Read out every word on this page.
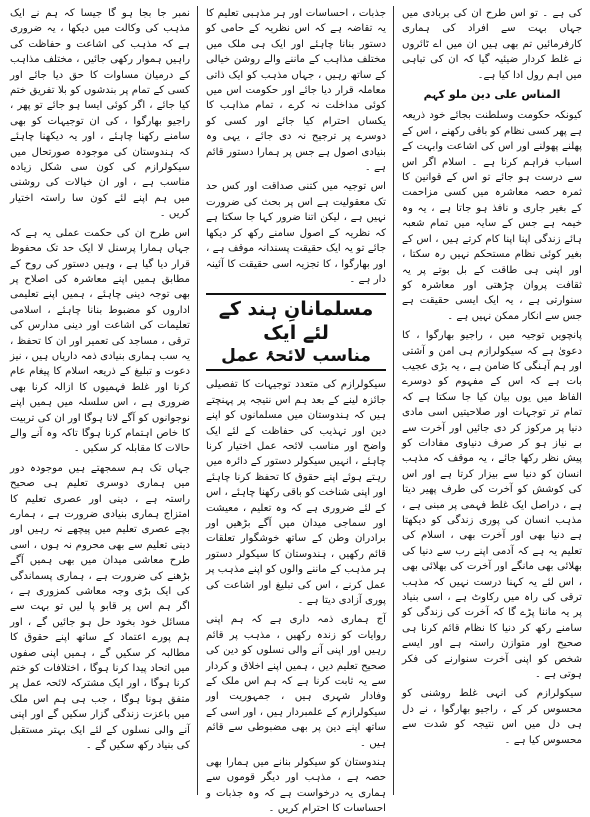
کی ہے ۔ تو اس طرح ان کی بربادی میں جہاں بہت سے افراد کی ہماری کارفرمائیں تم بھی ہیں ان میں اے ٹائروں نے غلط کردار ضیئیہ گیا کہ ان کی تباہی میں اہم رول ادا کیا ہے۔

المناس علی دین ملو کہم

کیونکہ حکومت وسلطنت بجائے خود ذریعہ ہے پھر کسی نظام کو باقی رکھنے ، اس کے پھلنے پھولنے اور اس کی اشاعت وابہت کے اسباب فراہم کرنا ہے ۔ اسلام اگر اس سے درست ہو جائے تو اس کے قوانین کا ثمرہ حصہ معاشرہ میں کسی مزاحمت کے بغیر جاری و نافذ ہو جاتا ہے ، یہ وہ خیمہ ہے جس کے سایہ میں تمام شعبہ ہائے زندگی اپنا اپنا کام کرتے ہیں ، اس کے بغیر کوئی نظام مستحکم نہیں رہ سکتا ، اور اپنی ہی طاقت کے بل بوتے پر یہ ثقافت پروان چڑھتی اور معاشرہ کو سنوارتی ہے ، یہ ایک ایسی حقیقت ہے جس سے انکار ممکن نہیں ہے ۔

پانچویں توجیہ میں ، راجیو بھارگوا ، کا دعویٰ ہے کہ سیکولرازم ہی امن و آشتی اور ہم آہنگی کا ضامن ہے ، یہ بڑی عجیب بات ہے کہ اس کے مفہوم کو دوسرے الفاظ میں یوں بیان کیا جا سکتا ہے کہ تمام تر توجہات اور صلاحیتیں اسی مادی دنیا پر مرکوز کر دی جائیں اور آخرت سے بے نیاز ہو کر صرف دنیاوی مفادات کو پیش نظر رکھا جائے ، یہ موقف کہ مذہب انسان کو دنیا سے بیزار کرتا ہے اور اس کی کوشش کو آخرت کی طرف پھیر دیتا ہے ، دراصل ایک غلط فہمی پر مبنی ہے ، مذہب انسان کی پوری زندگی کو دیکھتا ہے دنیا بھی اور آخرت بھی ، اسلام کی تعلیم یہ ہے کہ آدمی اپنے رب سے دنیا کی بھلائی بھی مانگے اور آخرت کی بھلائی بھی ، اس لئے یہ کہنا درست نہیں کہ مذہب ترقی کی راہ میں رکاوٹ ہے ، اسی بنیاد پر یہ ماننا پڑے گا کہ آخرت کی زندگی کو سامنے رکھ کر دنیا کا نظام قائم کرنا ہی صحیح اور متوازن راستہ ہے اور ایسے شخص کو اپنی آخرت سنوارنے کی فکر ہوتی ہے ۔

سیکولرازم کی انہی غلط روشنی کو محسوس کر کے ، راجیو بھارگوا ، نے دل ہی دل میں اس نتیجہ کو شدت سے محسوس کیا ہے ۔

جذبات ، احساسات اور ہر مذہبی تعلیم کا یہ تقاضہ ہے کہ اس نظریہ کے حامی کو دستور بنانا چاہئے اور ایک ہی ملک میں مختلف مذاہب کے ماننے والے روشن خیالی کے ساتھ رہیں ، جہاں مذہب کو ایک ذاتی معاملہ قرار دیا جائے اور حکومت اس میں کوئی مداخلت نہ کرے ، تمام مذاہب کا یکساں احترام کیا جائے اور کسی کو دوسرے پر ترجیح نہ دی جائے ، یہی وہ بنیادی اصول ہے جس پر ہمارا دستور قائم ہے ۔

اس توجیہ میں کتنی صداقت اور کس حد تک معقولیت ہے اس پر بحث کی ضرورت نہیں ہے ، لیکن اتنا ضرور کہا جا سکتا ہے کہ نظریہ کے اصول سامنے رکھ کر دیکھا جائے تو یہ ایک حقیقت پسندانہ موقف ہے ، اور بھارگوا ، کا تجزیہ اسی حقیقت کا آئینہ دار ہے ۔

مسلمانانِ ہند کے لئے ایک
مناسب لائحۂ عمل

سیکولرازم کی متعدد توجیہات کا تفصیلی جائزہ لینے کے بعد ہم اس نتیجہ پر پہنچتے ہیں کہ ہندوستان میں مسلمانوں کو اپنے دین اور تہذیب کی حفاظت کے لئے ایک واضح اور مناسب لائحہ عمل اختیار کرنا چاہئے ، انہیں سیکولر دستور کے دائرہ میں رہتے ہوئے اپنے حقوق کا تحفظ کرنا چاہئے اور اپنی شناخت کو باقی رکھنا چاہئے ، اس کے لئے ضروری ہے کہ وہ تعلیم ، معیشت اور سماجی میدان میں آگے بڑھیں اور برادران وطن کے ساتھ خوشگوار تعلقات قائم رکھیں ، ہندوستان کا سیکولر دستور ہر مذہب کے ماننے والوں کو اپنے مذہب پر عمل کرنے ، اس کی تبلیغ اور اشاعت کی پوری آزادی دیتا ہے ۔

آج ہماری ذمہ داری ہے کہ ہم اپنی روایات کو زندہ رکھیں ، مذہب پر قائم رہیں اور اپنی آنے والی نسلوں کو دین کی صحیح تعلیم دیں ، ہمیں اپنے اخلاق و کردار سے یہ ثابت کرنا ہے کہ ہم اس ملک کے وفادار شہری ہیں ، جمہوریت اور سیکولرازم کے علمبردار ہیں ، اور اسی کے ساتھ اپنے دین پر بھی مضبوطی سے قائم ہیں ۔

ہندوستان کو سیکولر بنانے میں ہمارا بھی حصہ ہے ، مذہب اور دیگر قوموں سے ہماری یہ درخواست ہے کہ وہ جذبات و احساسات کا احترام کریں ۔

نمبر جا بجا ہو گا جیسا کہ ہم نے ایک مذہب کی وکالت میں دیکھا ، یہ ضروری ہے کہ مذہب کی اشاعت و حفاظت کی راہیں ہموار رکھی جائیں ، مختلف مذاہب کے درمیان مساوات کا حق دیا جائے اور کسی کے تمام پر بندشوں کو بلا تفریق ختم کیا جائے ، اگر کوئی ایسا ہو جائے تو پھر ، راجیو بھارگوا ، کی ان توجیہات کو بھی سامنے رکھنا چاہئے ، اور یہ دیکھنا چاہئے کہ ہندوستان کی موجودہ صورتحال میں سیکولرازم کی کون سی شکل زیادہ مناسب ہے ، اور ان خیالات کی روشنی میں ہم اپنے لئے کون سا راستہ اختیار کریں ۔

اس طرح ان کی حکمت عملی یہ ہے کہ جہاں ہمارا پرسنل لا ایک حد تک محفوظ قرار دیا گیا ہے ، وہیں دستور کی روح کے مطابق ہمیں اپنے معاشرہ کی اصلاح پر بھی توجہ دینی چاہئے ، ہمیں اپنے تعلیمی اداروں کو مضبوط بنانا چاہئے ، اسلامی تعلیمات کی اشاعت اور دینی مدارس کی ترقی ، مساجد کی تعمیر اور ان کا تحفظ ، یہ سب ہماری بنیادی ذمہ داریاں ہیں ، نیز دعوت و تبلیغ کے ذریعہ اسلام کا پیغام عام کرنا اور غلط فہمیوں کا ازالہ کرنا بھی ضروری ہے ، اس سلسلہ میں ہمیں اپنے نوجوانوں کو آگے لانا ہوگا اور ان کی تربیت کا خاص اہتمام کرنا ہوگا تاکہ وہ آنے والے حالات کا مقابلہ کر سکیں ۔

جہاں تک ہم سمجھتے ہیں موجودہ دور میں ہماری دوسری تعلیم ہی صحیح راستہ ہے ، دینی اور عصری تعلیم کا امتزاج ہماری بنیادی ضرورت ہے ، ہمارے بچے عصری تعلیم میں پیچھے نہ رہیں اور دینی تعلیم سے بھی محروم نہ ہوں ، اسی طرح معاشی میدان میں بھی ہمیں آگے بڑھنے کی ضرورت ہے ، ہماری پسماندگی کی ایک بڑی وجہ معاشی کمزوری ہے ، اگر ہم اس پر قابو پا لیں تو بہت سے مسائل خود بخود حل ہو جائیں گے ، اور ہم پورے اعتماد کے ساتھ اپنے حقوق کا مطالبہ کر سکیں گے ، ہمیں اپنی صفوں میں اتحاد پیدا کرنا ہوگا ، اختلافات کو ختم کرنا ہوگا ، اور ایک مشترکہ لائحہ عمل پر متفق ہونا ہوگا ، جب ہی ہم اس ملک میں باعزت زندگی گزار سکیں گے اور اپنی آنے والی نسلوں کے لئے ایک بہتر مستقبل کی بنیاد رکھ سکیں گے ۔
